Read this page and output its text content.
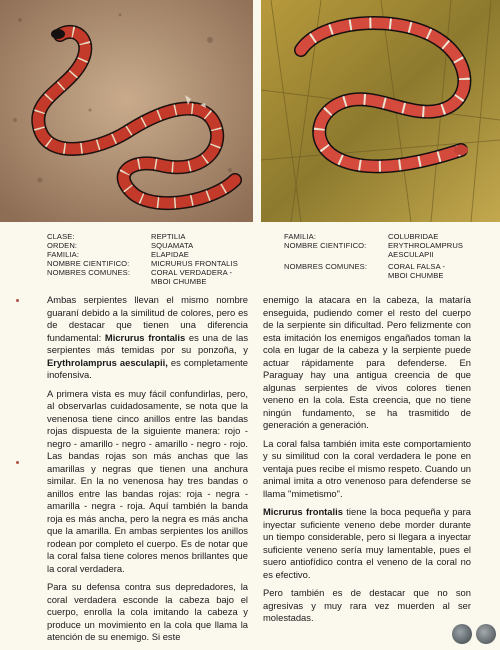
CLASE:	REPTILIA
ORDEN:	SQUAMATA
FAMILIA:	ELAPIDAE
NOMBRE CIENTIFICO:	MICRURUS FRONTALIS
NOMBRES COMUNES:	CORAL VERDADERA -
MBOI CHUMBE
FAMILIA:	COLUBRIDAE
NOMBRE CIENTIFICO:	ERYTHROLAMPRUS
AESCULAPII
NOMBRES COMUNES:	CORAL FALSA -
MBOI CHUMBE

Ambas serpientes llevan el mismo nombre guaraní debido a la similitud de colores, pero es de destacar que tienen una diferencia fundamental: Micrurus frontalis es una de las serpientes más temidas por su ponzoña, y Erythrolamprus aesculapii, es completamente inofensiva.

A primera vista es muy fácil confundirlas, pero, al observarlas cuidadosamente, se nota que la venenosa tiene cinco anillos entre las bandas rojas dispuesta de la siguiente manera: rojo - negro - amarillo - negro - amarillo - negro - rojo. Las bandas rojas son más anchas que las amarillas y negras que tienen una anchura similar. En la no venenosa hay tres bandas o anillos entre las bandas rojas: roja - negra - amarilla - negra - roja. Aquí también la banda roja es más ancha, pero la negra es más ancha que la amarilla. En ambas serpientes los anillos rodean por completo el cuerpo. Es de notar que la coral falsa tiene colores menos brillantes que la coral verdadera.

Para su defensa contra sus depredadores, la coral verdadera esconde la cabeza bajo el cuerpo, enrolla la cola imitando la cabeza y produce un movimiento en la cola que llama la atención de su enemigo. Si este

enemigo la atacara en la cabeza, la mataría enseguida, pudiendo comer el resto del cuerpo de la serpiente sin dificultad. Pero felizmente con esta imitación los enemigos engañados toman la cola en lugar de la cabeza y la serpiente puede actuar rápidamente para defenderse. En Paraguay hay una antigua creencia de que algunas serpientes de vivos colores tienen veneno en la cola. Esta creencia, que no tiene ningún fundamento, se ha trasmitido de generación a generación.

La coral falsa también imita este comportamiento y su similitud con la coral verdadera le pone en ventaja pues recibe el mismo respeto. Cuando un animal imita a otro venenoso para defenderse se llama "mimetismo".

Micrurus frontalis tiene la boca pequeña y para inyectar suficiente veneno debe morder durante un tiempo considerable, pero si llegara a inyectar suficiente veneno sería muy lamentable, pues el suero antiofídico contra el veneno de la coral no es efectivo.

Pero también es de destacar que no son agresivas y muy rara vez muerden al ser molestadas.
